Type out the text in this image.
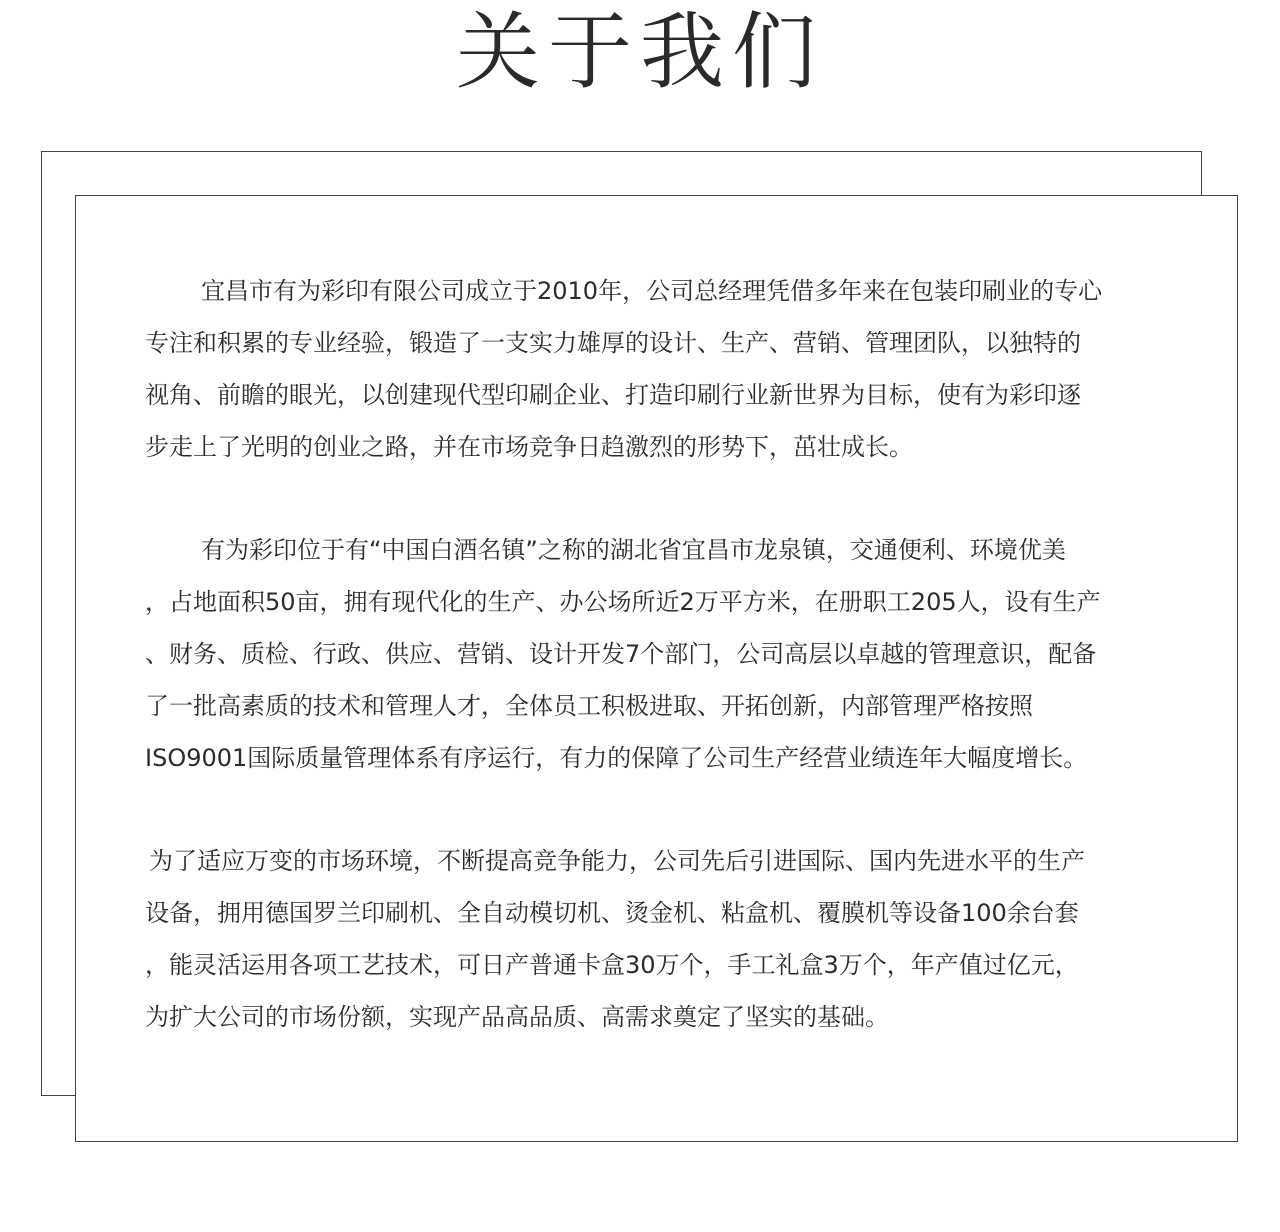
关于我们
宜昌市有为彩印有限公司成立于2010年，公司总经理凭借多年来在包装印刷业的专心
专注和积累的专业经验，锻造了一支实力雄厚的设计、生产、营销、管理团队，以独特的
视角、前瞻的眼光，以创建现代型印刷企业、打造印刷行业新世界为目标，使有为彩印逐
步走上了光明的创业之路，并在市场竞争日趋激烈的形势下，茁壮成长。
有为彩印位于有“中国白酒名镇”之称的湖北省宜昌市龙泉镇，交通便利、环境优美
，占地面积50亩，拥有现代化的生产、办公场所近2万平方米，在册职工205人，设有生产
、财务、质检、行政、供应、营销、设计开发7个部门，公司高层以卓越的管理意识，配备
了一批高素质的技术和管理人才，全体员工积极进取、开拓创新，内部管理严格按照
ISO9001国际质量管理体系有序运行，有力的保障了公司生产经营业绩连年大幅度增长。
为了适应万变的市场环境，不断提高竞争能力，公司先后引进国际、国内先进水平的生产
设备，拥用德国罗兰印刷机、全自动模切机、烫金机、粘盒机、覆膜机等设备100余台套
，能灵活运用各项工艺技术，可日产普通卡盒30万个，手工礼盒3万个，年产值过亿元，
为扩大公司的市场份额，实现产品高品质、高需求奠定了坚实的基础。
